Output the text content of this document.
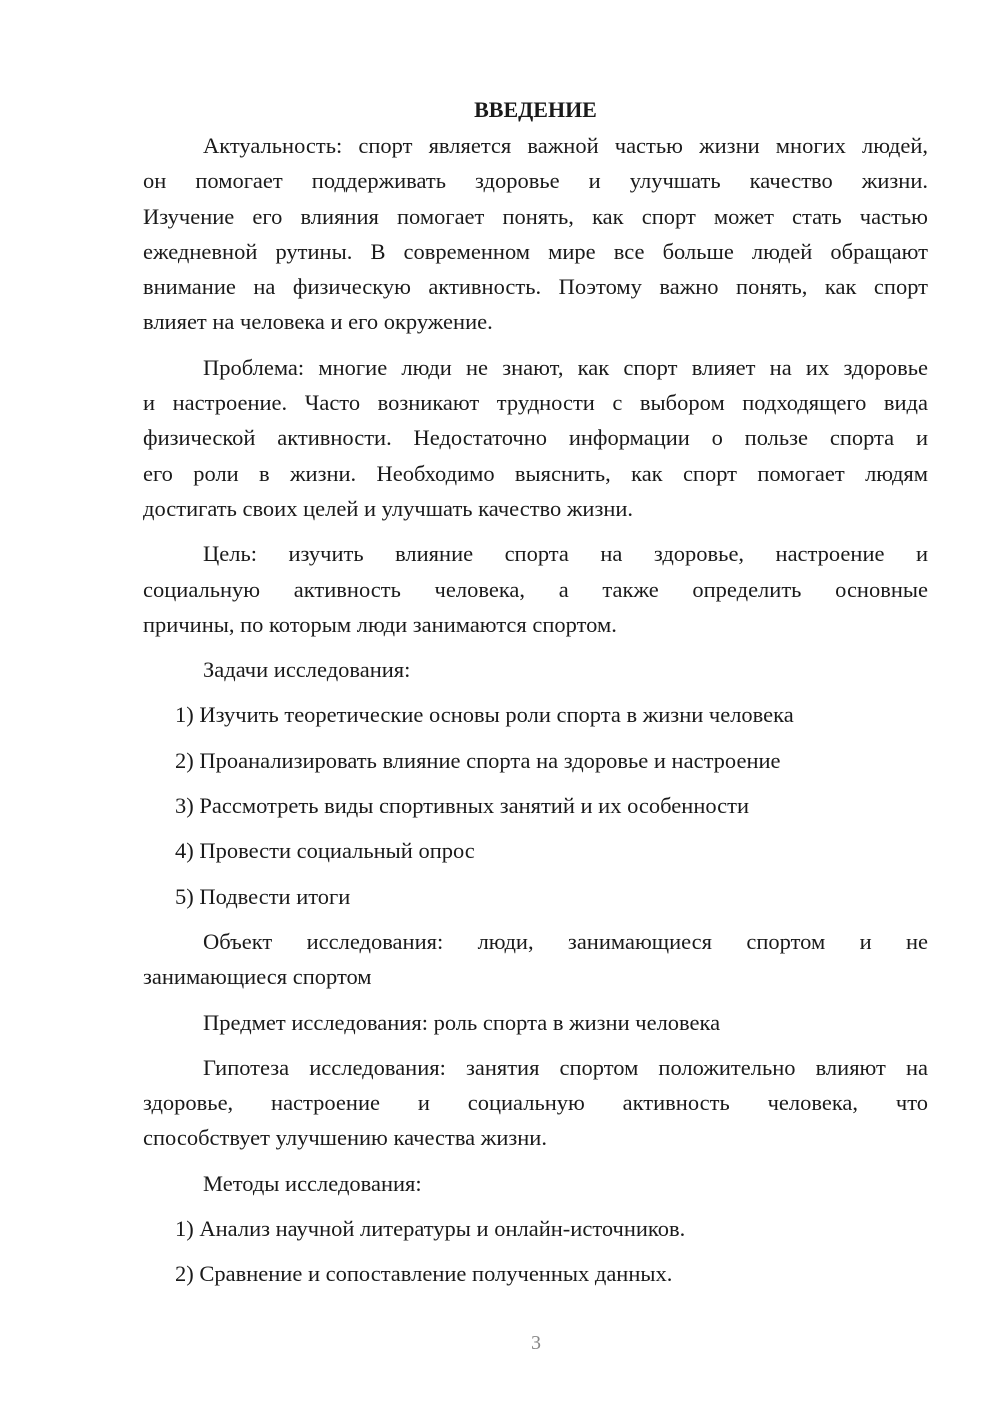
ВВЕДЕНИЕ
Актуальность: спорт является важной частью жизни многих людей,
он помогает поддерживать здоровье и улучшать качество жизни.
Изучение его влияния помогает понять, как спорт может стать частью
ежедневной рутины. В современном мире все больше людей обращают
внимание на физическую активность. Поэтому важно понять, как спорт
влияет на человека и его окружение.
Проблема: многие люди не знают, как спорт влияет на их здоровье
и настроение. Часто возникают трудности с выбором подходящего вида
физической активности. Недостаточно информации о пользе спорта и
его роли в жизни. Необходимо выяснить, как спорт помогает людям
достигать своих целей и улучшать качество жизни.
Цель: изучить влияние спорта на здоровье, настроение и
социальную активность человека, а также определить основные
причины, по которым люди занимаются спортом.
Задачи исследования:
1) Изучить теоретические основы роли спорта в жизни человека
2) Проанализировать влияние спорта на здоровье и настроение
3) Рассмотреть виды спортивных занятий и их особенности
4) Провести социальный опрос
5) Подвести итоги
Объект исследования: люди, занимающиеся спортом и не
занимающиеся спортом
Предмет исследования: роль спорта в жизни человека
Гипотеза исследования: занятия спортом положительно влияют на
здоровье, настроение и социальную активность человека, что
способствует улучшению качества жизни.
Методы исследования:
1) Анализ научной литературы и онлайн-источников.
2) Сравнение и сопоставление полученных данных.
3
